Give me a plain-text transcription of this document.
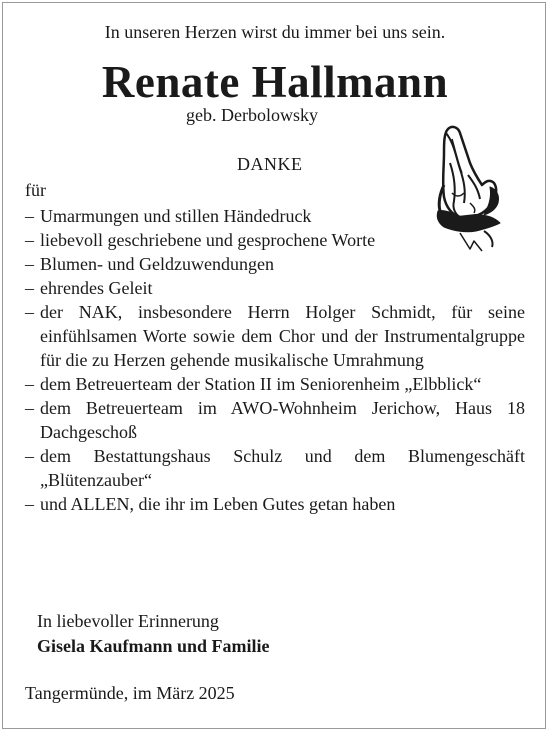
In unseren Herzen wirst du immer bei uns sein.
Renate Hallmann
geb. Derbolowsky
DANKE
für
– Umarmungen und stillen Händedruck
– liebevoll geschriebene und gesprochene Worte
– Blumen- und Geldzuwendungen
– ehrendes Geleit
– der NAK, insbesondere Herrn Holger Schmidt, für seine einfühlsamen Worte sowie dem Chor und der Instrumentalgruppe für die zu Herzen gehende musikalische Umrahmung
– dem Betreuerteam der Station II im Seniorenheim „Elbblick“
– dem Betreuerteam im AWO-Wohnheim Jerichow, Haus 18 Dachgeschoß
– dem Bestattungshaus Schulz und dem Blumengeschäft „Blütenzauber“
– und ALLEN, die ihr im Leben Gutes getan haben
In liebevoller Erinnerung
Gisela Kaufmann und Familie
Tangermünde, im März 2025
